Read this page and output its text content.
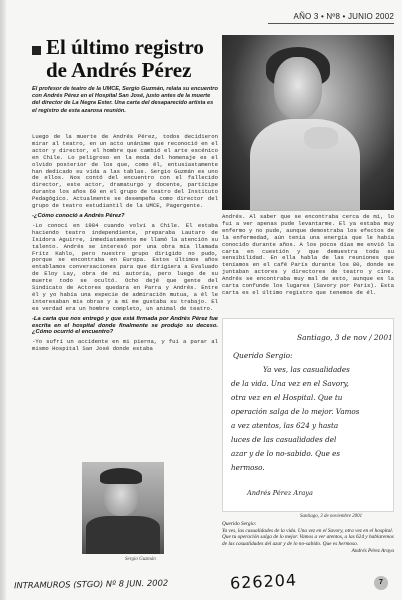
AÑO 3 • Nº8 • JUNIO 2002
El último registro de Andrés Pérez

El profesor de teatro de la UMCE, Sergio Guzmán, relata su encuentro con Andrés Pérez en el Hospital San José, justo antes de la muerte del director de La Negra Ester. Una carta del desaparecido artista es el registro de esta azarosa reunión.

Luego de la muerte de Andrés Pérez, todos decidieron mirar al teatro, en un acto unánime que reconoció en el actor y director, el hombre que cambió el arte escénico en Chile. Lo peligroso en la moda del homenaje es el olvido posterior de los que, como él, entusiastamente han dedicado su vida a las tablas. Sergio Guzmán es uno de ellos. Nos contó del encuentro con el fallecido director, este actor, dramaturgo y docente, partícipe durante los años 60 en el grupo de teatro del Instituto Pedagógico. Actualmente se desempeña como director del grupo de teatro estudiantil de la UMCE, Pagergente.

-¿Cómo conoció a Andrés Pérez?

-Lo conocí en 1984 cuando volví a Chile. El estaba haciendo teatro independiente, preparaba Lautaro de Isidora Aguirre, inmediatamente me llamó la atención su talento. Andrés se interesó por una obra mía llamada Fritz Kahlo, pero nuestro grupo dirigido no pudo, porque se encontraba en Europa. Estos últimos años entablamos conversaciones para que dirigiera a Evaluado de Eloy Lay, obra de mi autoría, pero luego de su muerte todo se ocultó. Ocho dejé que gente del Sindicato de Actores quedara en Parra y Andrés. Entre él y yo había una especie de admiración mutua, a él le interesaban mis obras y a mí me gustaba su trabajo. El es verdad era un hombre completo, un animal de teatro.

-La carta que nos entregó y que está firmada por Andrés Pérez fue escrita en el hospital donde finalmente se produjo su deceso. ¿Cómo ocurrió el encuentro?

-Yo sufrí un accidente en mi pierna, y fui a parar al mismo Hospital San José donde estaba

Andrés. Al saber que se encontraba cerca de mí, lo fui a ver apenas pude levantarme. El ya estaba muy enfermo y no pude, aunque demostraba los efectos de la enfermedad, aún tenía una energía que le había conocido durante años. A los pocos días me envió la carta en cuestión y que demuestra toda su sensibilidad. En ella habla de las reuniones que teníamos en el café París durante los 80, donde se juntaban actores y directores de teatro y cine. Andrés se encontraba muy mal de esto, aunque es la carta confunde los lugares (Savory por París). Esta carta es el último registro que tenemos de él.

Sergio Guzmán
Santiago, 3 de nov / 2001
Querido Sergio:
Ya ves, las casualidades
de la vida. Una vez en el Savory,
otra vez en el Hospital. Que tu
operación salga de lo mejor. Vamos
a vez atentos, las 624 y hasta
luces de las casualidades del
azar y de lo no-sabido. Que es
hermoso.
Andrés Pérez Araya
Santiago, 3 de noviembre 2001
Querido Sergio:
Ya ves, las casualidades de la vida. Una vez en el Savory, otra vez en el hospital. Que tu operación salga de lo mejor. Vamos a ver atentos, a las 624 y hablaremos de las casualidades del azar y de lo no-sabido. Que es hermoso.
Andrés Pérez Araya
INTRAMUROS (STGO) Nº 8 JUN. 2002	626204	7
